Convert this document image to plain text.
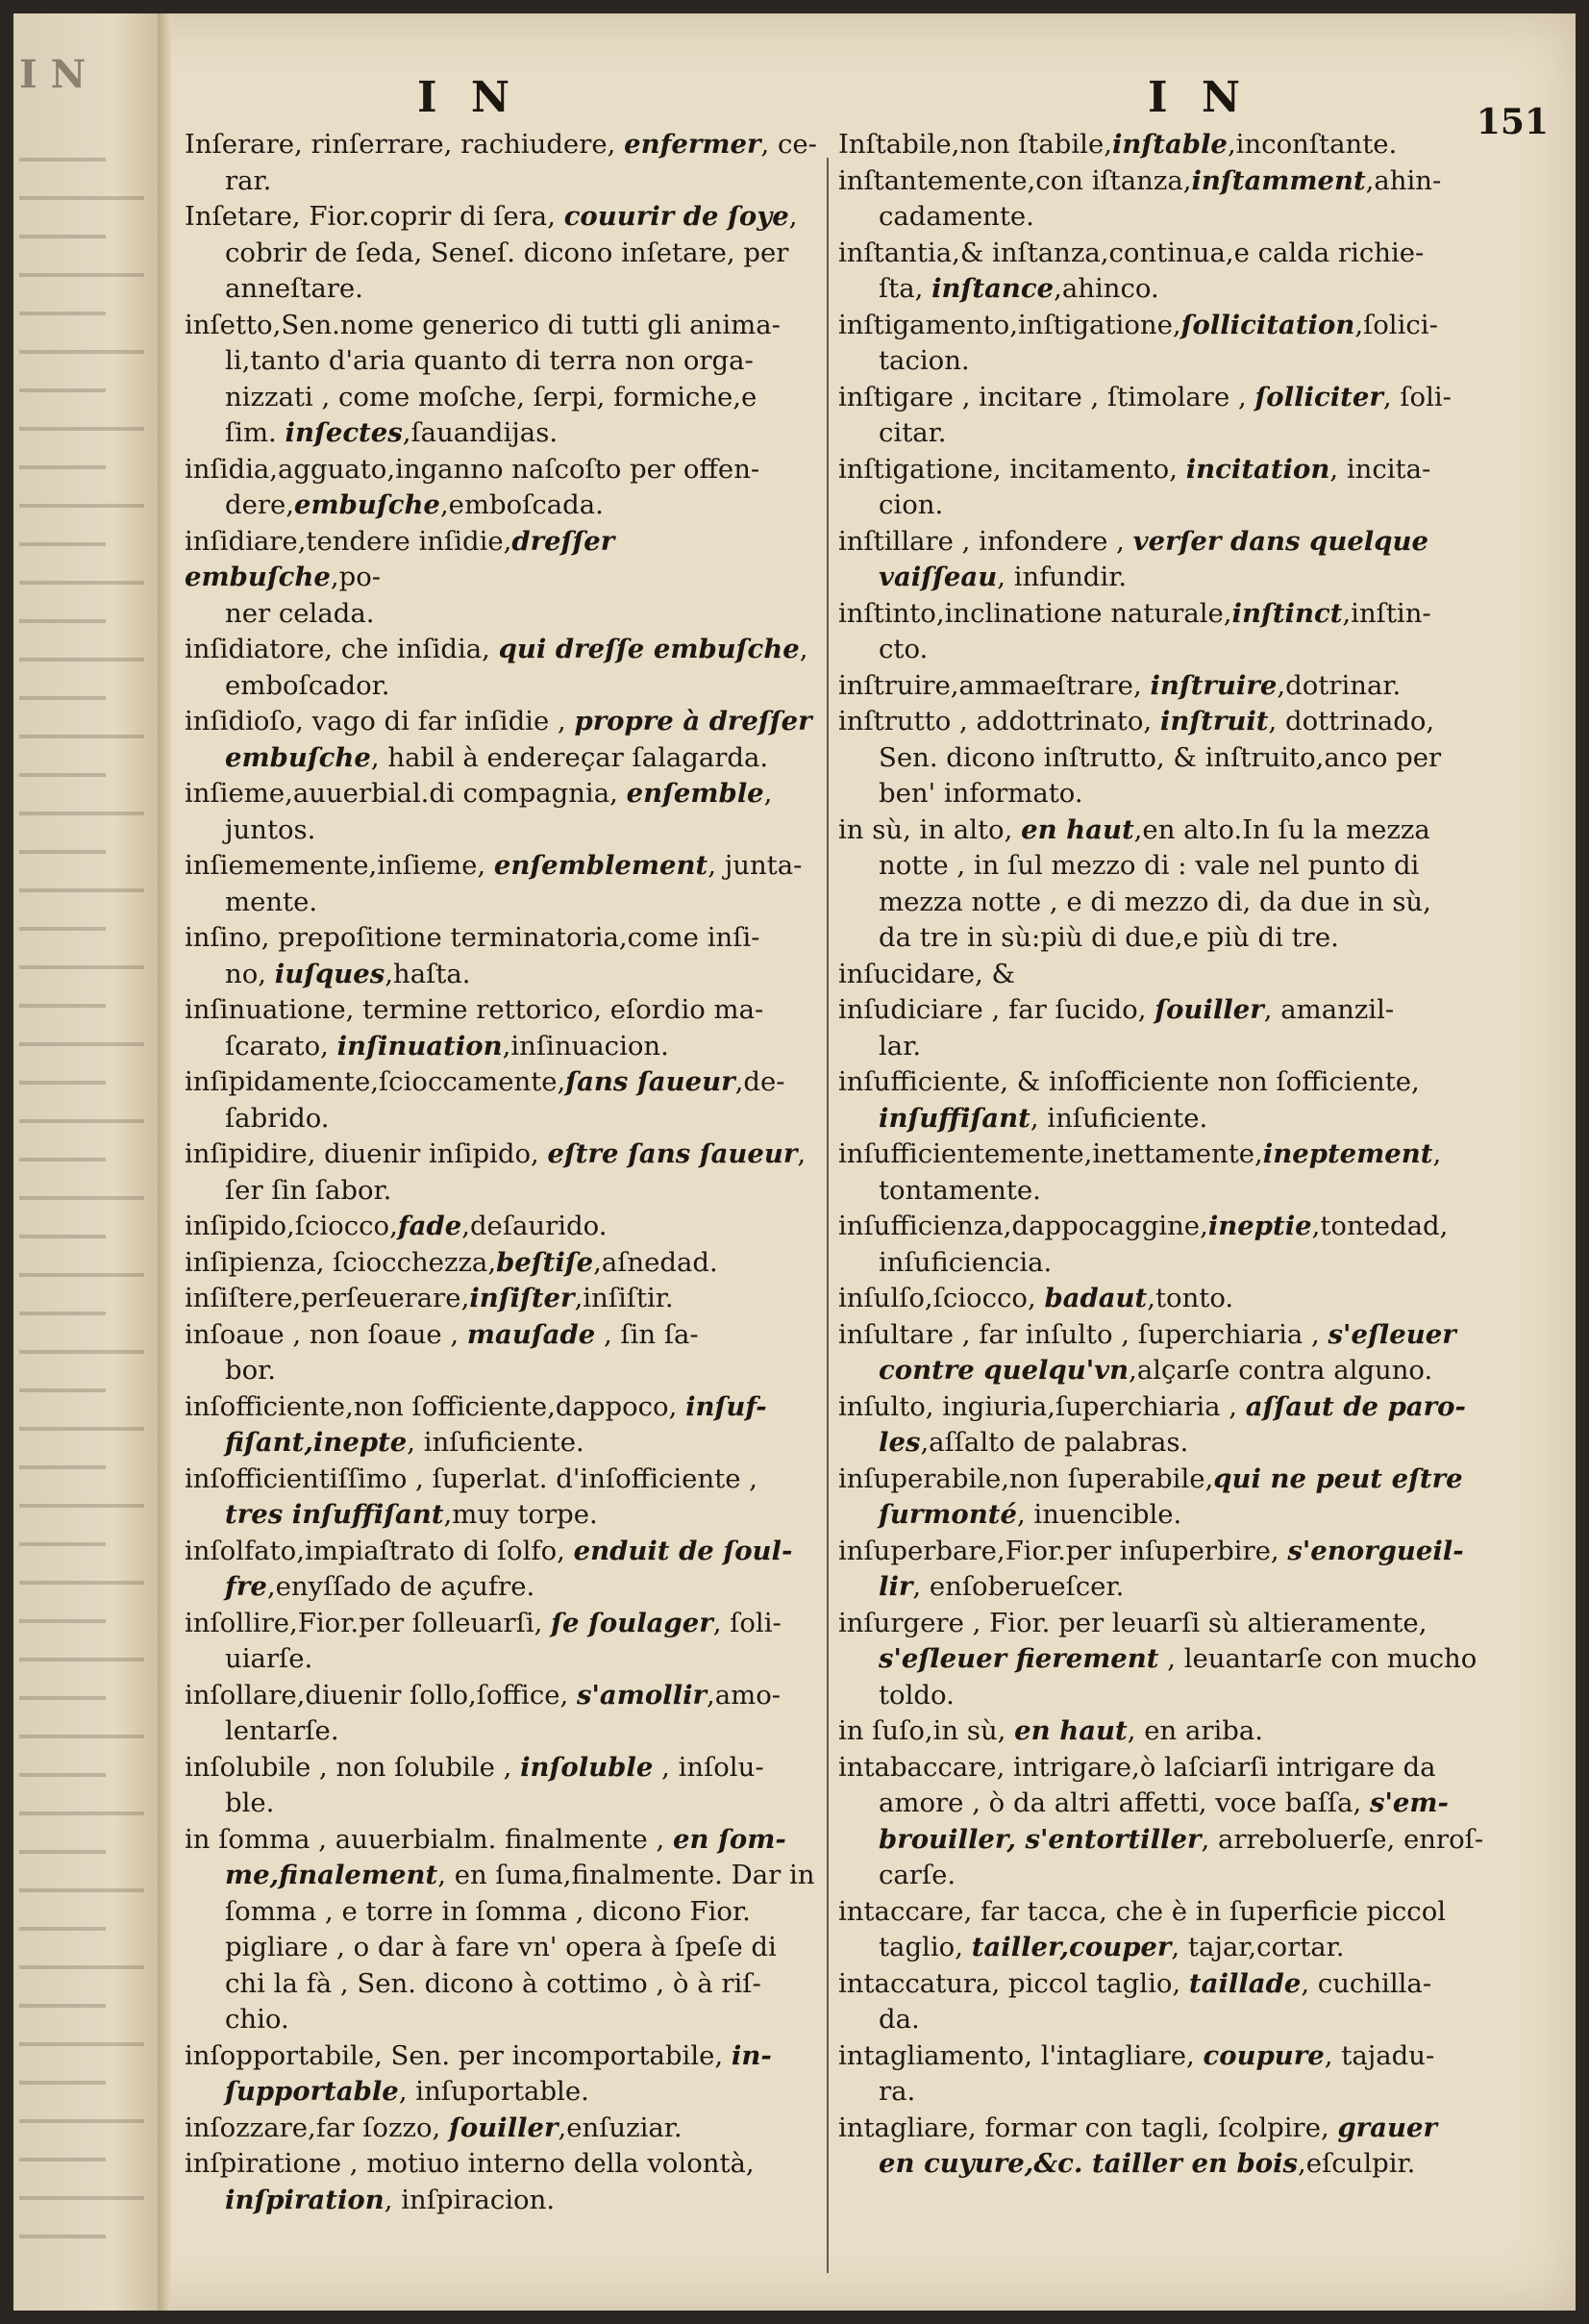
I N	I N	I N	151
Inſerare, rinſerrare, rachiudere, enfermer, ce-
rar.
Inſetare, Fior.coprir di ſera, couurir de ſoye,
cobrir de ſeda, Seneſ. dicono inſetare, per
anneſtare.
inſetto,Sen.nome generico di tutti gli anima-
li,tanto d'aria quanto di terra non orga-
nizzati , come moſche, ſerpi, formiche,e
ſim. inſectes,ſauandijas.
inſidia,agguato,inganno naſcoſto per offen-
dere,embuſche,emboſcada.
inſidiare,tendere inſidie,dreſſer embuſche,po-
ner celada.
inſidiatore, che inſidia, qui dreſſe embuſche,
emboſcador.
inſidioſo, vago di far inſidie , propre à dreſſer
embuſche, habil à endereçar ſalagarda.
inſieme,auuerbial.di compagnia, enſemble,
juntos.
inſiememente,inſieme, enſemblement, junta-
mente.
inſino, prepoſitione terminatoria,come inſi-
no, iuſques,haſta.
inſinuatione, termine rettorico, eſordio ma-
ſcarato, inſinuation,inſinuacion.
inſipidamente,ſcioccamente,ſans ſaueur,de-
ſabrido.
inſipidire, diuenir inſipido, eſtre ſans ſaueur,
ſer ſin ſabor.
inſipido,ſciocco,fade,deſaurido.
inſipienza, ſciocchezza,beſtiſe,aſnedad.
inſiſtere,perſeuerare,inſiſter,inſiſtir.
inſoaue , non ſoaue , mauſade , ſin ſa-
bor.
inſofficiente,non ſofficiente,dappoco, inſuf-
fiſant,inepte, inſuficiente.
inſofficientiſſimo , ſuperlat. d'inſofficiente ,
tres inſuffiſant,muy torpe.
inſolfato,impiaſtrato di ſolfo, enduit de ſoul-
fre,enyſſado de açufre.
inſollire,Fior.per ſolleuarſi, ſe ſoulager, ſoli-
uiarſe.
inſollare,diuenir ſollo,ſoffice, s'amollir,amo-
lentarſe.
inſolubile , non ſolubile , inſoluble , inſolu-
ble.
in ſomma , auuerbialm. finalmente , en ſom-
me,finalement, en ſuma,finalmente. Dar in
ſomma , e torre in ſomma , dicono Fior.
pigliare , o dar à fare vn' opera à ſpeſe di
chi la fà , Sen. dicono à cottimo , ò à riſ-
chio.
inſopportabile, Sen. per incomportabile, in-
ſupportable, inſuportable.
inſozzare,far ſozzo, ſouiller,enſuziar.
inſpiratione , motiuo interno della volontà,
inſpiration, inſpiracion.
Inſtabile,non ſtabile,inſtable,inconſtante.
inſtantemente,con iſtanza,inſtamment,ahin-
cadamente.
inſtantia,& inſtanza,continua,e calda richie-
ſta, inſtance,ahinco.
inſtigamento,inſtigatione,ſollicitation,ſolici-
tacion.
inſtigare , incitare , ſtimolare , ſolliciter, ſoli-
citar.
inſtigatione, incitamento, incitation, incita-
cion.
inſtillare , infondere , verſer dans quelque
vaiſſeau, infundir.
inſtinto,inclinatione naturale,inſtinct,inſtin-
cto.
inſtruire,ammaeſtrare, inſtruire,dotrinar.
inſtrutto , addottrinato, inſtruit, dottrinado,
Sen. dicono inſtrutto, & inſtruito,anco per
ben' informato.
in sù, in alto, en haut,en alto.In ſu la mezza
notte , in ſul mezzo di : vale nel punto di
mezza notte , e di mezzo di, da due in sù,
da tre in sù:più di due,e più di tre.
inſucidare, &
inſudiciare , far ſucido, ſouiller, amanzil-
lar.
inſufficiente, & inſofficiente non ſofficiente,
inſuffiſant, inſuficiente.
inſufficientemente,inettamente,ineptement,
tontamente.
inſufficienza,dappocaggine,ineptie,tontedad,
inſuficiencia.
inſulſo,ſciocco, badaut,tonto.
inſultare , far inſulto , ſuperchiaria , s'eſleuer
contre quelqu'vn,alçarſe contra alguno.
inſulto, ingiuria,ſuperchiaria , aſſaut de paro-
les,aſſalto de palabras.
inſuperabile,non ſuperabile,qui ne peut eſtre
ſurmonté, inuencible.
inſuperbare,Fior.per inſuperbire, s'enorgueil-
lir, enſoberueſcer.
inſurgere , Fior. per leuarſi sù altieramente,
s'eſleuer fierement , leuantarſe con mucho
toldo.
in ſuſo,in sù, en haut, en ariba.
intabaccare, intrigare,ò laſciarſi intrigare da
amore , ò da altri affetti, voce baſſa, s'em-
brouiller, s'entortiller, arreboluerſe, enroſ-
carſe.
intaccare, far tacca, che è in ſuperficie piccol
taglio, tailler,couper, tajar,cortar.
intaccatura, piccol taglio, taillade, cuchilla-
da.
intagliamento, l'intagliare, coupure, tajadu-
ra.
intagliare, formar con tagli, ſcolpire, grauer
en cuyure,&c. tailler en bois,eſculpir.
